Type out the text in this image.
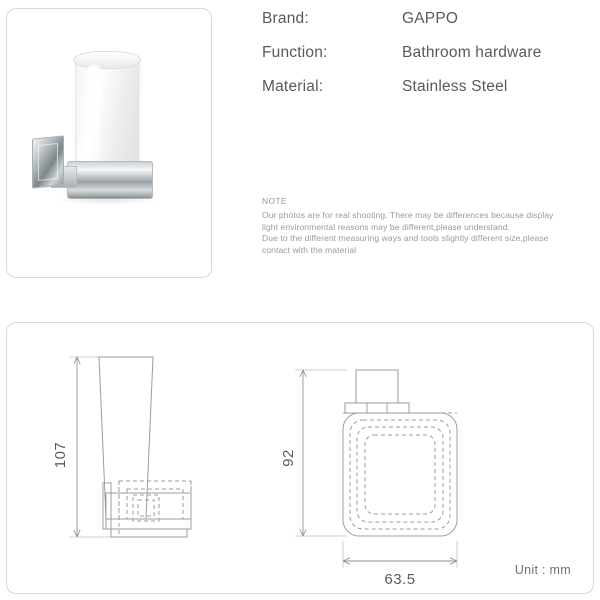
Brand:	GAPPO
Function:	Bathroom hardware
Material:	Stainless Steel
NOTE
Our photos are for real shooting. There may be differences because display
light environmental reasons may be different,please understand.
Due to the different measuring ways and tools slightly different size,please
contact with the material
107	92
63.5
Unit : mm
